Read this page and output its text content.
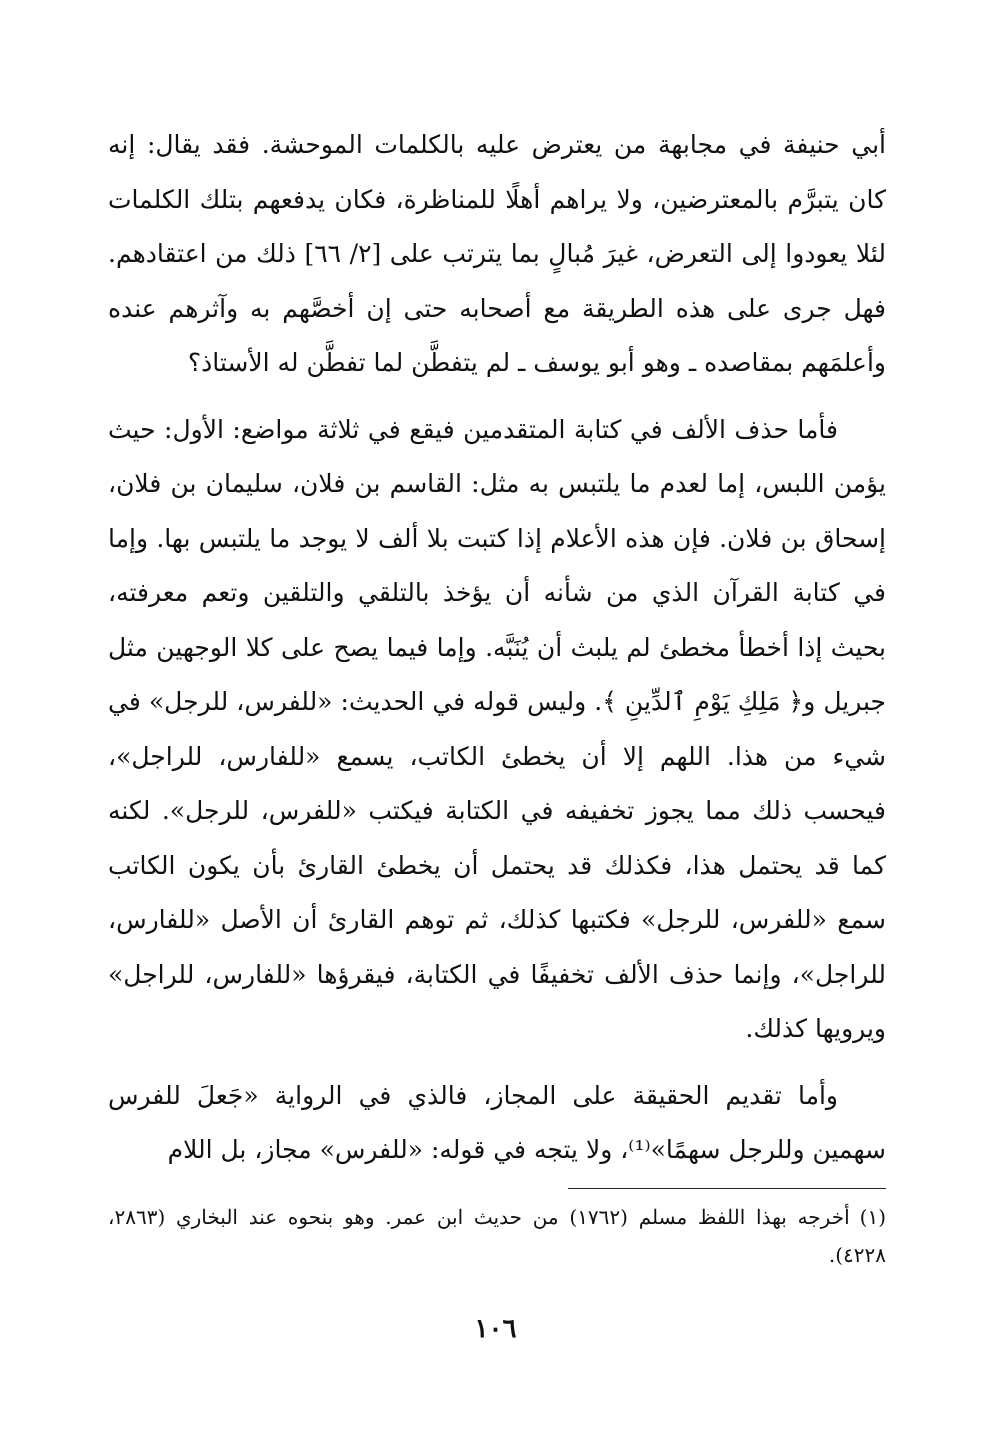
أبي حنيفة في مجابهة من يعترض عليه بالكلمات الموحشة. فقد يقال: إنه كان يتبرَّم بالمعترضين، ولا يراهم أهلًا للمناظرة، فكان يدفعهم بتلك الكلمات لئلا يعودوا إلى التعرض، غيرَ مُبالٍ بما يترتب على [٢/ ٦٦] ذلك من اعتقادهم. فهل جرى على هذه الطريقة مع أصحابه حتى إن أخصَّهم به وآثرهم عنده وأعلمَهم بمقاصده ـ وهو أبو يوسف ـ لم يتفطَّن لما تفطَّن له الأستاذ؟

فأما حذف الألف في كتابة المتقدمين فيقع في ثلاثة مواضع: الأول: حيث يؤمن اللبس، إما لعدم ما يلتبس به مثل: القاسم بن فلان، سليمان بن فلان، إسحاق بن فلان. فإن هذه الأعلام إذا كتبت بلا ألف لا يوجد ما يلتبس بها. وإما في كتابة القرآن الذي من شأنه أن يؤخذ بالتلقي والتلقين وتعم معرفته، بحيث إذا أخطأ مخطئ لم يلبث أن يُنَبَّه. وإما فيما يصح على كلا الوجهين مثل جبريل و﴿ مَلِكِ يَوْمِ ٱلدِّينِ ﴾. وليس قوله في الحديث: «للفرس، للرجل» في شيء من هذا. اللهم إلا أن يخطئ الكاتب، يسمع «للفارس، للراجل»، فيحسب ذلك مما يجوز تخفيفه في الكتابة فيكتب «للفرس، للرجل». لكنه كما قد يحتمل هذا، فكذلك قد يحتمل أن يخطئ القارئ بأن يكون الكاتب سمع «للفرس، للرجل» فكتبها كذلك، ثم توهم القارئ أن الأصل «للفارس، للراجل»، وإنما حذف الألف تخفيفًا في الكتابة، فيقرؤها «للفارس، للراجل» ويرويها كذلك.

وأما تقديم الحقيقة على المجاز، فالذي في الرواية «جَعلَ للفرس سهمين وللرجل سهمًا»⁽¹⁾، ولا يتجه في قوله: «للفرس» مجاز، بل اللام

(١)أخرجه بهذا اللفظ مسلم (١٧٦٢) من حديث ابن عمر. وهو بنحوه عند البخاري (٢٨٦٣، ٤٢٢٨).
١٠٦
